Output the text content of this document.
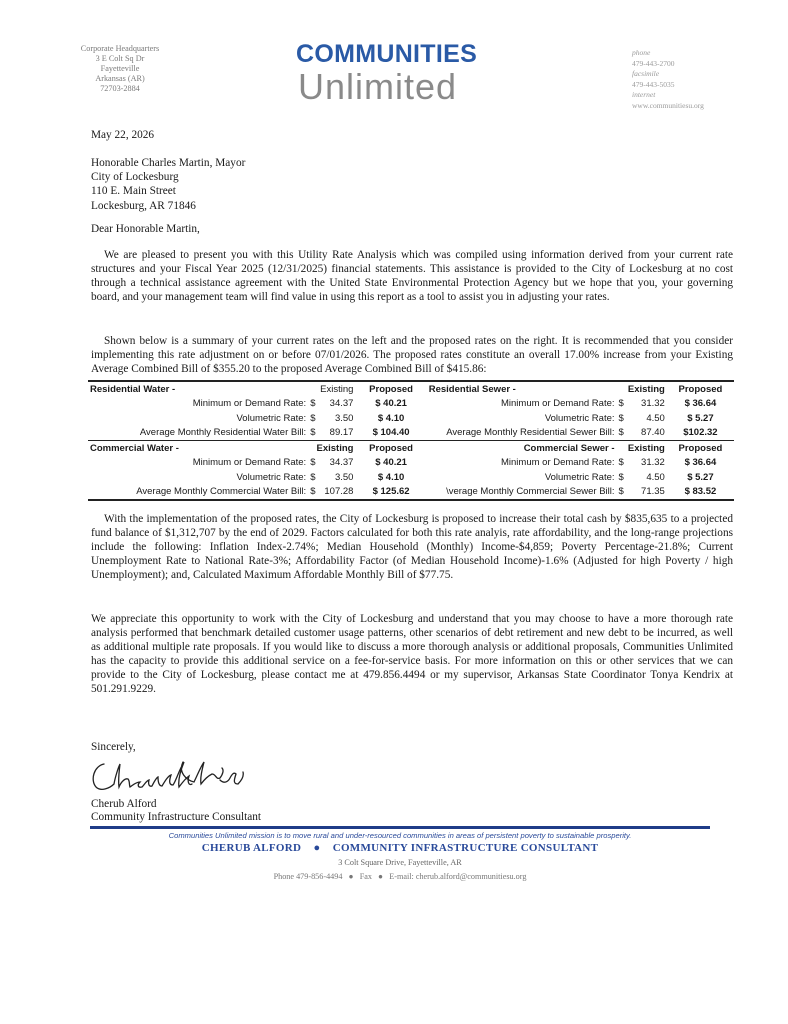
Corporate Headquarters
3 E Colt Sq Dr
Fayetteville
Arkansas (AR)
72703-2884
COMMUNITIES
Unlimited
phone
479-443-2700
facsimile
479-443-5035
internet
www.communitiesu.org
May 22, 2026
Honorable Charles Martin, Mayor
City of Lockesburg
110 E. Main Street
Lockesburg, AR 71846
Dear Honorable Martin,
We are pleased to present you with this Utility Rate Analysis which was compiled using information derived from your current rate structures and your Fiscal Year 2025 (12/31/2025) financial statements. This assistance is provided to the City of Lockesburg at no cost through a technical assistance agreement with the United State Environmental Protection Agency but we hope that you, your governing board, and your management team will find value in using this report as a tool to assist you in adjusting your rates.
Shown below is a summary of your current rates on the left and the proposed rates on the right. It is recommended that you consider implementing this rate adjustment on or before 07/01/2026. The proposed rates constitute an overall 17.00% increase from your Existing Average Combined Bill of $355.20 to the proposed Average Combined Bill of $415.86:
Residential Water -	Existing		Proposed	Residential Sewer -	Existing		Proposed
Minimum or Demand Rate:	$	34.37	$ 40.21	Minimum or Demand Rate:	$	31.32	$ 36.64
Volumetric Rate:	$	3.50	$ 4.10	Volumetric Rate:	$	4.50	$ 5.27
Average Monthly Residential Water Bill:	$	89.17	$ 104.40	Average Monthly Residential Sewer Bill:	$	87.40	$102.32
Commercial Water -	Existing		Proposed	Commercial Sewer -	Existing		Proposed
Minimum or Demand Rate:	$	34.37	$ 40.21	Minimum or Demand Rate:	$	31.32	$ 36.64
Volumetric Rate:	$	3.50	$ 4.10	Volumetric Rate:	$	4.50	$ 5.27
Average Monthly Commercial Water Bill:	$	107.28	$ 125.62	\verage Monthly Commercial Sewer Bill:	$	71.35	$ 83.52
With the implementation of the proposed rates, the City of Lockesburg is proposed to increase their total cash by $835,635 to a projected fund balance of $1,312,707 by the end of 2029. Factors calculated for both this rate analyis, rate affordability, and the long-range projections include the following: Inflation Index-2.74%; Median Household (Monthly) Income-$4,859; Poverty Percentage-21.8%; Current Unemployment Rate to National Rate-3%; Affordability Factor (of Median Household Income)-1.6% (Adjusted for high Poverty / high Unemployment); and, Calculated Maximum Affordable Monthly Bill of $77.75.
We appreciate this opportunity to work with the City of Lockesburg and understand that you may choose to have a more thorough rate analysis performed that benchmark detailed customer usage patterns, other scenarios of debt retirement and new debt to be incurred, as well as additional multiple rate proposals. If you would like to discuss a more thorough analysis or additional proposals, Communities Unlimited has the capacity to provide this additional service on a fee-for-service basis. For more information on this or other services that we can provide to the City of Lockesburg, please contact me at 479.856.4494 or my supervisor, Arkansas State Coordinator Tonya Kendrix at 501.291.9229.
Sincerely,
Cherub Alford
Community Infrastructure Consultant
Communities Unlimited mission is to move rural and under-resourced communities in areas of persistent poverty to sustainable prosperity.
CHERUB ALFORD ● COMMUNITY INFRASTRUCTURE CONSULTANT
3 Colt Square Drive, Fayetteville, AR
Phone 479-856-4494 ● Fax ● E-mail: cherub.alford@communitiesu.org
